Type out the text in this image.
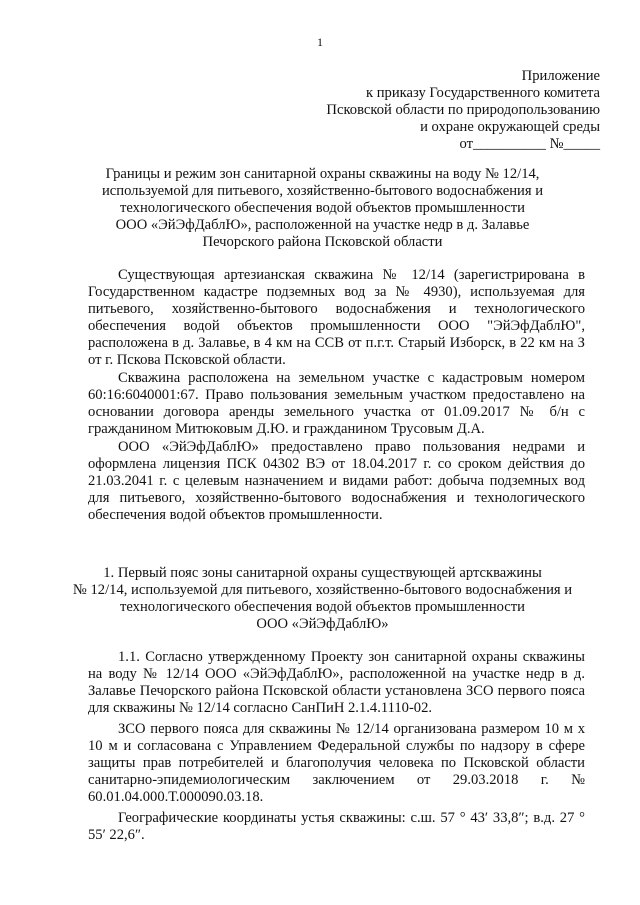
1
Приложение
к приказу Государственного комитета
Псковской области по природопользованию
и охране окружающей среды
от__________ №_____
Границы и режим зон санитарной охраны скважины на воду № 12/14,
используемой для питьевого, хозяйственно-бытового водоснабжения и
технологического обеспечения водой объектов промышленности
ООО «ЭйЭфДаблЮ», расположенной на участке недр в д. Залавье
Печорского района Псковской области

Существующая артезианская скважина № 12/14 (зарегистрирована в Государственном кадастре подземных вод за № 4930), используемая для питьевого, хозяйственно-бытового водоснабжения и технологического обеспечения водой объектов промышленности ООО "ЭйЭфДаблЮ", расположена в д. Залавье, в 4 км на ССВ от п.г.т. Старый Изборск, в 22 км на З от г. Пскова Псковской области.

Скважина расположена на земельном участке с кадастровым номером 60:16:6040001:67. Право пользования земельным участком предоставлено на основании договора аренды земельного участка от 01.09.2017 № б/н с гражданином Митюковым Д.Ю. и гражданином Трусовым Д.А.

ООО «ЭйЭфДаблЮ» предоставлено право пользования недрами и оформлена лицензия ПСК 04302 ВЭ от 18.04.2017 г. со сроком действия до 21.03.2041 г. с целевым назначением и видами работ: добыча подземных вод для питьевого, хозяйственно-бытового водоснабжения и технологического обеспечения водой объектов промышленности.

1. Первый пояс зоны санитарной охраны существующей артскважины
№ 12/14, используемой для питьевого, хозяйственно-бытового водоснабжения и
технологического обеспечения водой объектов промышленности
ООО «ЭйЭфДаблЮ»

1.1. Согласно утвержденному Проекту зон санитарной охраны скважины на воду № 12/14 ООО «ЭйЭфДаблЮ», расположенной на участке недр в д. Залавье Печорского района Псковской области установлена ЗСО первого пояса для скважины № 12/14 согласно СанПиН 2.1.4.1110-02.

ЗСО первого пояса для скважины № 12/14 организована размером 10 м х 10 м и согласована с Управлением Федеральной службы по надзору в сфере защиты прав потребителей и благополучия человека по Псковской области санитарно-эпидемиологическим заключением от 29.03.2018 г. № 60.01.04.000.Т.000090.03.18.

Географические координаты устья скважины: с.ш. 57 ° 43′ 33,8″; в.д. 27 ° 55′ 22,6″.
